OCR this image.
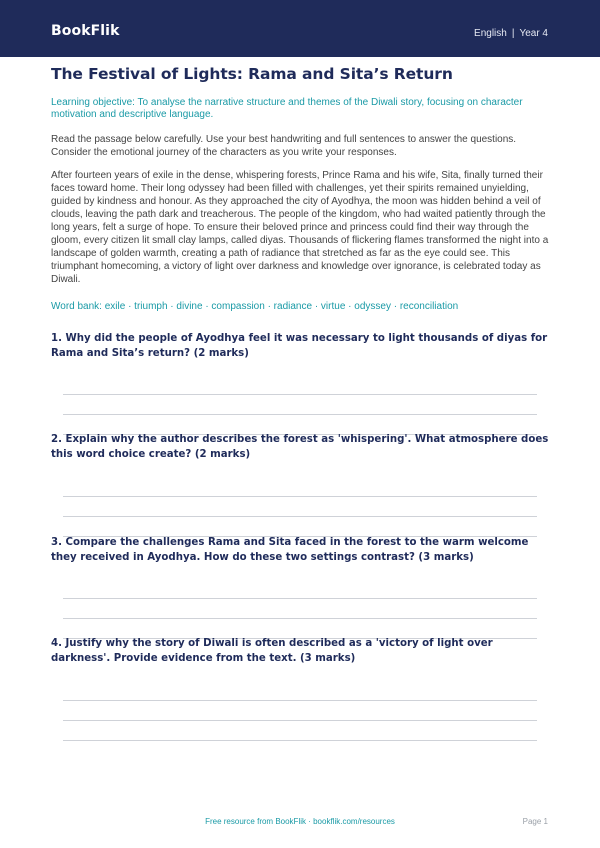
BookFlik	English | Year 4
The Festival of Lights: Rama and Sita’s Return
Learning objective: To analyse the narrative structure and themes of the Diwali story, focusing on character motivation and descriptive language.
Read the passage below carefully. Use your best handwriting and full sentences to answer the questions. Consider the emotional journey of the characters as you write your responses.
After fourteen years of exile in the dense, whispering forests, Prince Rama and his wife, Sita, finally turned their faces toward home. Their long odyssey had been filled with challenges, yet their spirits remained unyielding, guided by kindness and honour. As they approached the city of Ayodhya, the moon was hidden behind a veil of clouds, leaving the path dark and treacherous. The people of the kingdom, who had waited patiently through the long years, felt a surge of hope. To ensure their beloved prince and princess could find their way through the gloom, every citizen lit small clay lamps, called diyas. Thousands of flickering flames transformed the night into a landscape of golden warmth, creating a path of radiance that stretched as far as the eye could see. This triumphant homecoming, a victory of light over darkness and knowledge over ignorance, is celebrated today as Diwali.
Word bank: exile · triumph · divine · compassion · radiance · virtue · odyssey · reconciliation
1. Why did the people of Ayodhya feel it was necessary to light thousands of diyas for Rama and Sita’s return? (2 marks)
2. Explain why the author describes the forest as 'whispering'. What atmosphere does this word choice create? (2 marks)
3. Compare the challenges Rama and Sita faced in the forest to the warm welcome they received in Ayodhya. How do these two settings contrast? (3 marks)
4. Justify why the story of Diwali is often described as a 'victory of light over darkness'. Provide evidence from the text. (3 marks)
Free resource from BookFlik · bookflik.com/resources	Page 1
